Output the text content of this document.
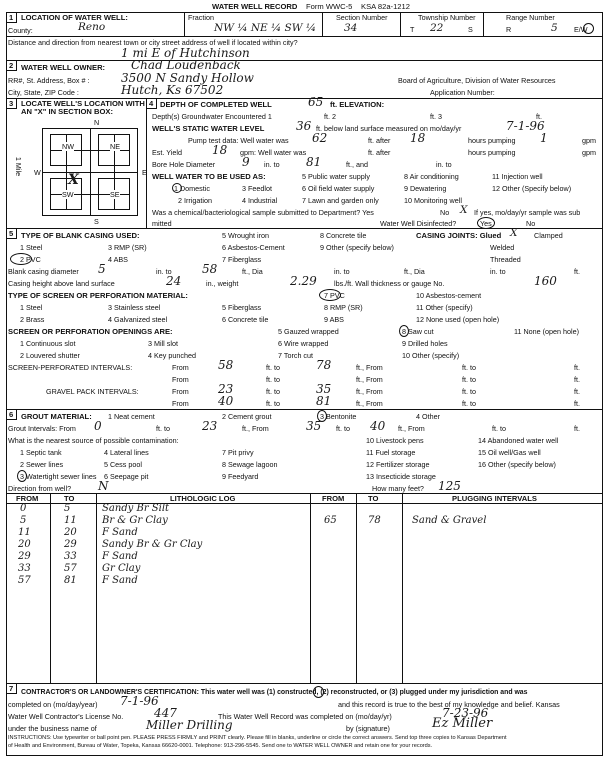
WATER WELL RECORD Form WWC-5 KSA 82a-1212
1 LOCATION OF WATER WELL:
County:	Reno
Fraction
NW ¼ NE ¼ SW ¼
Section Number
34
Township Number
T 22	S
Range Number
R	5 E/W
Distance and direction from nearest town or city street address of well if located within city?
1 mi E of Hutchinson
2 WATER WELL OWNER: Chad Loudenback
RR#, St. Address, Box # :	3500 N Sandy Hollow
City, State, ZIP Code :	Hutch, Ks 67502
Board of Agriculture, Division of Water Resources
Application Number:
3 LOCATE WELL'S LOCATION WITH
AN "X" IN SECTION BOX:
N
S
W	E
1 Mile
NW	NE
SW	SE
X
4 DEPTH OF COMPLETED WELL	65 ft. ELEVATION:
Depth(s) Groundwater Encountered 1	ft. 2	ft. 3	ft.
WELL'S STATIC WATER LEVEL	36 ft. below land surface measured on mo/day/yr	7-1-96
Pump test data: Well water was 62	ft. after 18	hours pumping 1	gpm
Est. Yield	18 gpm: Well water was	ft. after	hours pumping	gpm
Bore Hole Diameter 9 in. to 81	ft., and	in. to
WELL WATER TO BE USED AS:
1 Domestic	3 Feedlot
5 Public water supply	8 Air conditioning	11 Injection well
2 Irrigation	4 Industrial	7 Lawn and garden only
9 Dewatering	12 Other (Specify below)
6 Oil field water supply
10 Monitoring well
Was a chemical/bacteriological sample submitted to Department? Yes	No X If yes, mo/day/yr sample was sub
mitted	Water Well Disinfected?	Yes	No
5 TYPE OF BLANK CASING USED:
1 Steel
2 PVC
3 RMP (SR)
4 ABS
5 Wrought iron
6 Asbestos-Cement
7 Fiberglass
8 Concrete tile
9 Other (specify below)
CASING JOINTS: Glued X Clamped
Welded
Threaded
Blank casing diameter 5	in. to	58	ft., Dia	in. to	ft., Dia	in. to	ft.
Casing height above land surface	24	in., weight	2.29 lbs./ft. Wall thickness or gauge No.	160
TYPE OF SCREEN OR PERFORATION MATERIAL:
1 Steel	3 Stainless steel	5 Fiberglass
7 PVC	10 Asbestos-cement
2 Brass	4 Galvanized steel	6 Concrete tile
8 RMP (SR)	11 Other (specify)
9 ABS	12 None used (open hole)
SCREEN OR PERFORATION OPENINGS ARE:	5 Gauzed wrapped	8 Saw cut	11 None (open hole)
1 Continuous slot	3 Mill slot	6 Wire wrapped	9 Drilled holes
2 Louvered shutter	4 Key punched	7 Torch cut	10 Other (specify)
SCREEN-PERFORATED INTERVALS:	From 58	ft. to	78	ft., From	ft. to	ft.
From	ft. to	ft., From	ft. to	ft.
GRAVEL PACK INTERVALS:	From 23	ft. to	35	ft., From	ft. to	ft.
From 40	ft. to	81	ft., From	ft. to	ft.
6 GROUT MATERIAL: 1 Neat cement	2 Cement grout	3 Bentonite	4 Other
Grout Intervals: From 0	ft. to	23	ft., From	35 ft. to 40 ft., From	ft. to	ft.
What is the nearest source of possible contamination:
1 Septic tank	4 Lateral lines	7 Pit privy
10 Livestock pens	14 Abandoned water well
2 Sewer lines	5 Cess pool	8 Sewage lagoon
11 Fuel storage	15 Oil well/Gas well
3 Watertight sewer lines 6 Seepage pit	9 Feedyard
12 Fertilizer storage	16 Other (specify below)
13 Insecticide storage
Direction from well? N	How many feet? 125
FROM	TO	LITHOLOGIC LOG	FROM	TO	PLUGGING INTERVALS
0	5	Sandy Br Silt
5	11	Br & Gr Clay
11	20	F Sand
20	29	Sandy Br & Gr Clay
29	33	F Sand
33	57	Gr Clay
57	81	F Sand
65	78	Sand & Gravel
7 CONTRACTOR'S OR LANDOWNER'S CERTIFICATION: This water well was (1) constructed, (2) reconstructed, or (3) plugged under my jurisdiction and was
completed on (mo/day/year) 7-1-96	and this record is true to the best of my knowledge and belief. Kansas
Water Well Contractor's License No.	447	This Water Well Record was completed on (mo/day/yr)	7-23-96
under the business name of	Miller Drilling	by (signature)	Ez Miller
INSTRUCTIONS: Use typewriter or ball point pen. PLEASE PRESS FIRMLY and PRINT clearly. Please fill in blanks, underline or circle the correct answers. Send top three copies to Kansas Department
of Health and Environment, Bureau of Water, Topeka, Kansas 66620-0001. Telephone: 913-296-5545. Send one to WATER WELL OWNER and retain one for your records.
